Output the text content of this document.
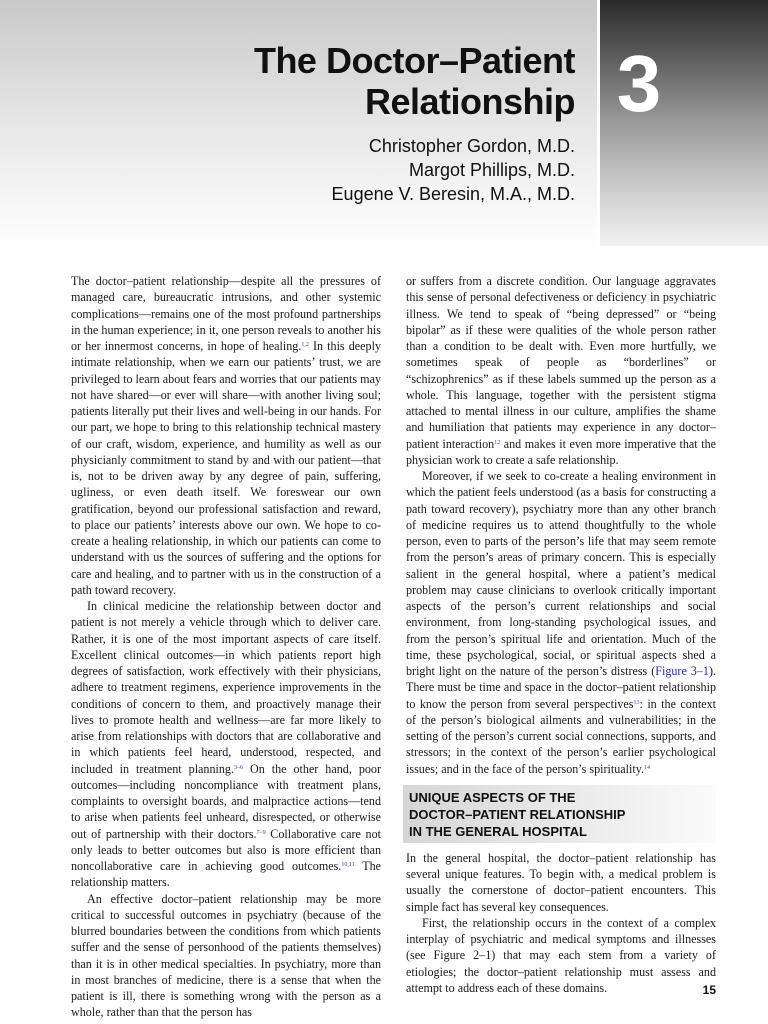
3
The Doctor–Patient
Relationship
Christopher Gordon, M.D.
Margot Phillips, M.D.
Eugene V. Beresin, M.A., M.D.

The doctor–patient relationship—despite all the pressures of managed care, bureaucratic intrusions, and other systemic complications—remains one of the most profound partnerships in the human experience; in it, one person reveals to another his or her innermost concerns, in hope of healing.$^{1,2}$ In this deeply intimate relationship, when we earn our patients’ trust, we are privileged to learn about fears and worries that our patients may not have shared—or ever will share—with another living soul; patients literally put their lives and well-being in our hands. For our part, we hope to bring to this relationship technical mastery of our craft, wisdom, experience, and humility as well as our physicianly commitment to stand by and with our patient—that is, not to be driven away by any degree of pain, suffering, ugliness, or even death itself. We foreswear our own gratification, beyond our professional satisfaction and reward, to place our patients’ interests above our own. We hope to co-create a healing relationship, in which our patients can come to understand with us the sources of suffering and the options for care and healing, and to partner with us in the construction of a path toward recovery.

In clinical medicine the relationship between doctor and patient is not merely a vehicle through which to deliver care. Rather, it is one of the most important aspects of care itself. Excellent clinical outcomes—in which patients report high degrees of satisfaction, work effectively with their physicians, adhere to treatment regimens, experience improvements in the conditions of concern to them, and proactively manage their lives to promote health and wellness—are far more likely to arise from relationships with doctors that are collaborative and in which patients feel heard, understood, respected, and included in treatment planning.$^{3-6}$ On the other hand, poor outcomes—including noncompliance with treatment plans, complaints to oversight boards, and malpractice actions—tend to arise when patients feel unheard, disrespected, or otherwise out of partnership with their doctors.$^{7-9}$ Collaborative care not only leads to better outcomes but also is more efficient than noncollaborative care in achieving good outcomes.$^{10,11}$ The relationship matters.

An effective doctor–patient relationship may be more critical to successful outcomes in psychiatry (because of the blurred boundaries between the conditions from which patients suffer and the sense of personhood of the patients themselves) than it is in other medical specialties. In psychiatry, more than in most branches of medicine, there is a sense that when the patient is ill, there is something wrong with the person as a whole, rather than that the person has

or suffers from a discrete condition. Our language aggravates this sense of personal defectiveness or deficiency in psychiatric illness. We tend to speak of “being depressed” or “being bipolar” as if these were qualities of the whole person rather than a condition to be dealt with. Even more hurtfully, we sometimes speak of people as “borderlines” or “schizophrenics” as if these labels summed up the person as a whole. This language, together with the persistent stigma attached to mental illness in our culture, amplifies the shame and humiliation that patients may experience in any doctor–patient interaction$^{12}$ and makes it even more imperative that the physician work to create a safe relationship.

Moreover, if we seek to co-create a healing environment in which the patient feels understood (as a basis for constructing a path toward recovery), psychiatry more than any other branch of medicine requires us to attend thoughtfully to the whole person, even to parts of the person’s life that may seem remote from the person’s areas of primary concern. This is especially salient in the general hospital, where a patient’s medical problem may cause clinicians to overlook critically important aspects of the person’s current relationships and social environment, from long-standing psychological issues, and from the person’s spiritual life and orientation. Much of the time, these psychological, social, or spiritual aspects shed a bright light on the nature of the person’s distress (Figure 3–1). There must be time and space in the doctor–patient relationship to know the person from several perspectives$^{13}$: in the context of the person’s biological ailments and vulnerabilities; in the setting of the person’s current social connections, supports, and stressors; in the context of the person’s earlier psychological issues; and in the face of the person’s spirituality.$^{14}$

UNIQUE ASPECTS OF THE
DOCTOR–PATIENT RELATIONSHIP
IN THE GENERAL HOSPITAL

In the general hospital, the doctor–patient relationship has several unique features. To begin with, a medical problem is usually the cornerstone of doctor–patient encounters. This simple fact has several key consequences.

First, the relationship occurs in the context of a complex interplay of psychiatric and medical symptoms and illnesses (see Figure 2–1) that may each stem from a variety of etiologies; the doctor–patient relationship must assess and attempt to address each of these domains.	15
